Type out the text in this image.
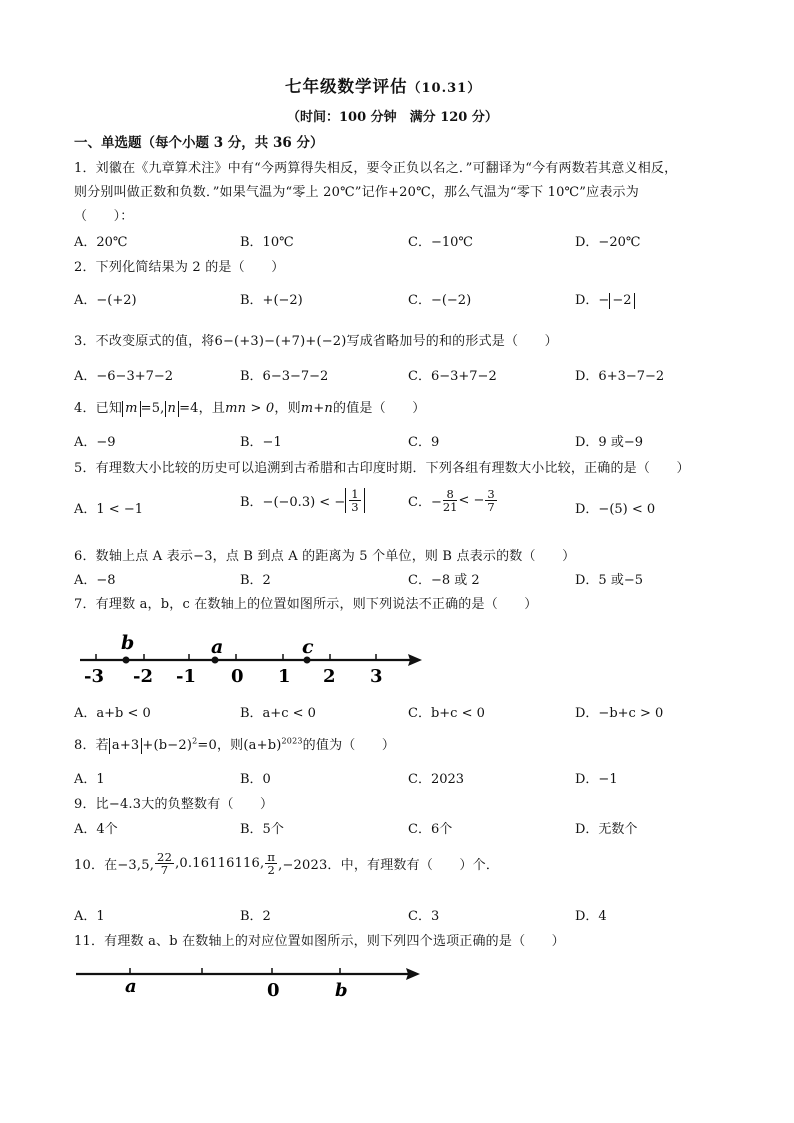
七年级数学评估（10.31）
（时间：100 分钟　满分 120 分）
一、单选题（每个小题 3 分，共 36 分）
1．刘徽在《九章算术注》中有“今两算得失相反，要令正负以名之．”可翻译为“今有两数若其意义相反，
则分别叫做正数和负数．”如果气温为“零上 20℃”记作+20℃，那么气温为“零下 10℃”应表示为
（　　）：
A．20℃	B．10℃	C．−10℃	D．−20℃
2．下列化简结果为 2 的是（　　）
A．−(+2)	B．+(−2)	C．−(−2)	D．− −2
3．不改变原式的值，将6−(+3)−(+7)+(−2)写成省略加号的和的形式是（　　）
A．−6−3+7−2	B．6−3−7−2	C．6−3+7−2	D．6+3−7−2
4．已知 m =5, n =4，且mn > 0，则m+n的值是（　　）
A．−9	B．−1	C．9	D．9 或−9
5．有理数大小比较的历史可以追溯到古希腊和古印度时期．下列各组有理数大小比较，正确的是（　　）
A．1 < −1	B．−(−0.3) < − $\frac{1}{3}$	C．− $\frac{8}{21}$ < − $\frac{3}{7}$	D．−(5) < 0
6．数轴上点 A 表示−3，点 B 到点 A 的距离为 5 个单位，则 B 点表示的数（　　）
A．−8	B．2	C．−8 或 2	D．5 或−5
7．有理数 a，b，c 在数轴上的位置如图所示，则下列说法不正确的是（　　）
b	a	c
-3 -2 -1 0 1 2 3
A．a+b < 0	B．a+c < 0	C．b+c < 0	D．−b+c > 0
8．若 $a+3 +(b-2)^2=0$，则$(a+b)^{2023}$的值为（　　）
A．1	B．0	C．2023	D．−1
9．比−4.3大的负整数有（　　）
A．4个	B．5个	C．6个	D．无数个
10．在−3,5, $\frac{22}{7} ,0.16116116$, $\frac{\pi}{2} ,-2023$．中，有理数有（　　）个．
A．1	B．2	C．3	D．4
11．有理数 a、b 在数轴上的对应位置如图所示，则下列四个选项正确的是（　　）
a	0	b
